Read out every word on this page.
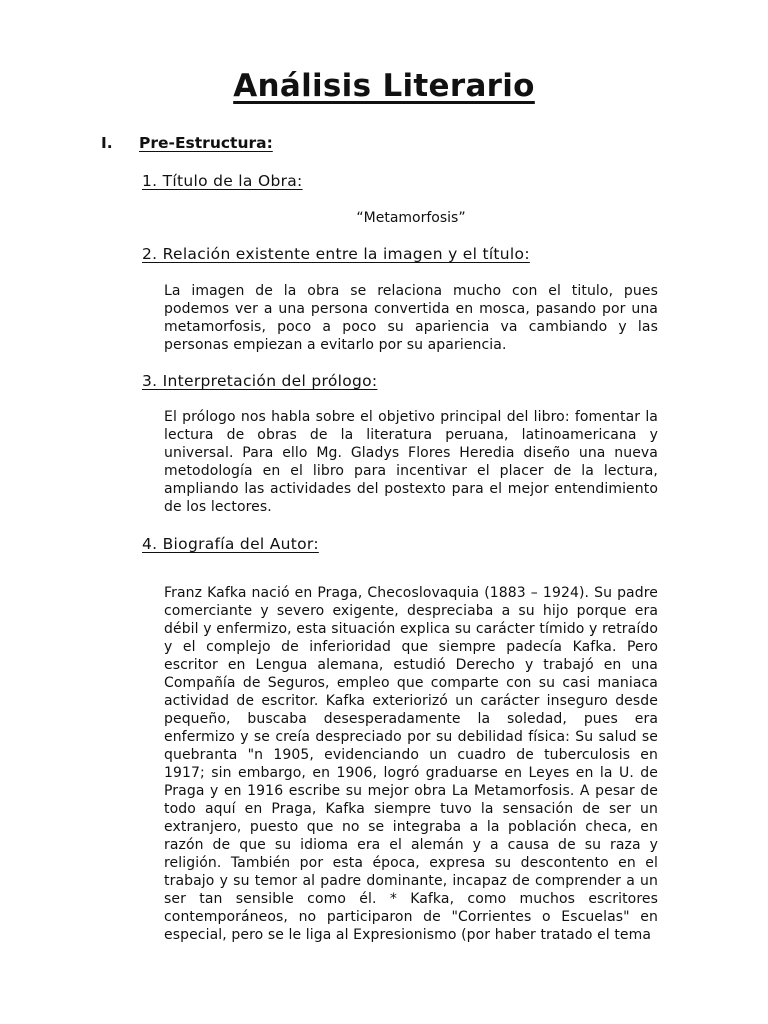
Análisis Literario
I. Pre-Estructura:
1. Título de la Obra:

“Metamorfosis”

2. Relación existente entre la imagen y el título:

La imagen de la obra se relaciona mucho con el titulo, pues podemos ver a una persona convertida en mosca, pasando por una metamorfosis, poco a poco su apariencia va cambiando y las personas empiezan a evitarlo por su apariencia.

3. Interpretación del prólogo:

El prólogo nos habla sobre el objetivo principal del libro: fomentar la lectura de obras de la literatura peruana, latinoamericana y universal. Para ello Mg. Gladys Flores Heredia diseño una nueva metodología en el libro para incentivar el placer de la lectura, ampliando las actividades del postexto para el mejor entendimiento de los lectores.

4. Biografía del Autor:

Franz Kafka nació en Praga, Checoslovaquia (1883 – 1924). Su padre comerciante y severo exigente, despreciaba a su hijo porque era débil y enfermizo, esta situación explica su carácter tímido y retraído y el complejo de inferioridad que siempre padecía Kafka. Pero escritor en Lengua alemana, estudió Derecho y trabajó en una Compañía de Seguros, empleo que comparte con su casi maniaca actividad de escritor. Kafka exteriorizó un carácter inseguro desde pequeño, buscaba desesperadamente la soledad, pues era enfermizo y se creía despreciado por su debilidad física: Su salud se quebranta "n 1905, evidenciando un cuadro de tuberculosis en 1917; sin embargo, en 1906, logró graduarse en Leyes en la U. de Praga y en 1916 escribe su mejor obra La Metamorfosis. A pesar de todo aquí en Praga, Kafka siempre tuvo la sensación de ser un extranjero, puesto que no se integraba a la población checa, en razón de que su idioma era el alemán y a causa de su raza y religión. También por esta época, expresa su descontento en el trabajo y su temor al padre dominante, incapaz de comprender a un ser tan sensible como él. * Kafka, como muchos escritores contemporáneos, no participaron de "Corrientes o Escuelas" en especial, pero se le liga al Expresionismo (por haber tratado el tema
